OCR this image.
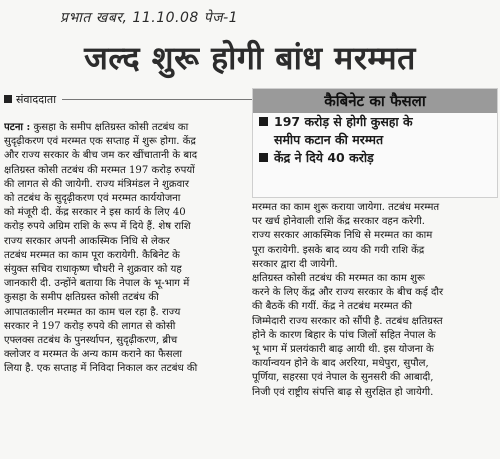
प्रभात खबर, 11.10.08 पेज-1
जल्द शुरू होगी बांध मरम्मत
संवाददाता
पटना : कुसहा के समीप क्षतिग्रस्त कोसी तटबंध का
सुदृढ़ीकरण एवं मरम्मत एक सप्ताह में शुरू होगा. केंद्र
और राज्य सरकार के बीच जम कर खींचातानी के बाद
क्षतिग्रस्त कोसी तटबंध की मरम्मत 197 करोड़ रुपयों
की लागत से की जायेगी. राज्य मंत्रिमंडल ने शुक्रवार
को तटबंध के सुदृढ़ीकरण एवं मरम्मत कार्ययोजना
को मंजूरी दी. केंद्र सरकार ने इस कार्य के लिए 40
करोड़ रुपये अग्रिम राशि के रूप में दिये हैं. शेष राशि
राज्य सरकार अपनी आकस्मिक निधि से लेकर
तटबंध मरम्मत का काम पूरा करायेगी. कैबिनेट के
संयुक्त सचिव राधाकृष्ण चौधरी ने शुक्रवार को यह
जानकारी दी. उन्होंने बताया कि नेपाल के भू-भाग में
कुसहा के समीप क्षतिग्रस्त कोसी तटबंध की
आपातकालीन मरम्मत का काम चल रहा है. राज्य
सरकार ने 197 करोड़ रुपये की लागत से कोसी
एफ्लक्स तटबंध के पुनर्स्थापन, सुदृढ़ीकरण, ब्रीच
क्लोजर व मरम्मत के अन्य काम कराने का फैसला
लिया है. एक सप्ताह में निविदा निकाल कर तटबंध की
कैबिनेट का फैसला
197 करोड़ से होगी कुसहा के
समीप कटान की मरम्मत
केंद्र ने दिये 40 करोड़
मरम्मत का काम शुरू कराया जायेगा. तटबंध मरम्मत
पर खर्च होनेवाली राशि केंद्र सरकार वहन करेगी.
राज्य सरकार आकस्मिक निधि से मरम्मत का काम
पूरा करायेगी. इसके बाद व्यय की गयी राशि केंद्र
सरकार द्वारा दी जायेगी.
क्षतिग्रस्त कोसी तटबंध की मरम्मत का काम शुरू
करने के लिए केंद्र और राज्य सरकार के बीच कई दौर
की बैठकें की गयीं. केंद्र ने तटबंध मरम्मत की
जिम्मेदारी राज्य सरकार को सौंपी है. तटबंध क्षतिग्रस्त
होने के कारण बिहार के पांच जिलों सहित नेपाल के
भू भाग में प्रलयंकारी बाढ़ आयी थी. इस योजना के
कार्यान्वयन होने के बाद अररिया, मधेपुरा, सुपौल,
पूर्णिया, सहरसा एवं नेपाल के सुनसरी की आबादी,
निजी एवं राष्ट्रीय संपत्ति बाढ़ से सुरक्षित हो जायेगी.
